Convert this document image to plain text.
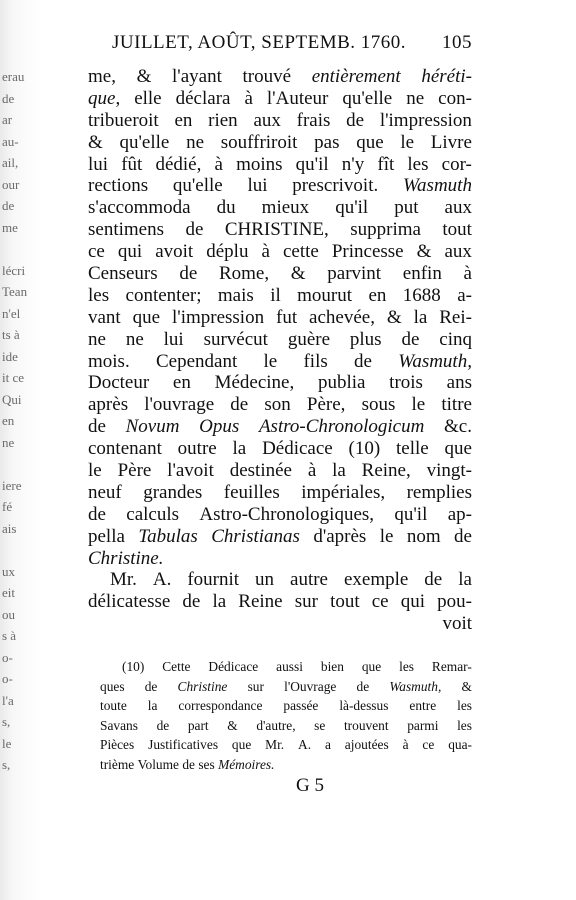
erau
de
ar
au-
ail,
our
de
me
lécri
Tean
n'el
ts à
ide
it ce
Qui
en
ne
iere
fé
ais
ux
eit
ou
s à
o-
o-
l'a
s,
le
s,
JUILLET, AOÛT, SEPTEMB. 1760. 105
me, & l'ayant trouvé entièrement héréti-
que, elle déclara à l'Auteur qu'elle ne con-
tribueroit en rien aux frais de l'impression
& qu'elle ne souffriroit pas que le Livre
lui fût dédié, à moins qu'il n'y fît les cor-
rections qu'elle lui prescrivoit. Wasmuth
s'accommoda du mieux qu'il put aux
sentimens de CHRISTINE, supprima tout
ce qui avoit déplu à cette Princesse & aux
Censeurs de Rome, & parvint enfin à
les contenter; mais il mourut en 1688 a-
vant que l'impression fut achevée, & la Rei-
ne ne lui survécut guère plus de cinq
mois. Cependant le fils de Wasmuth,
Docteur en Médecine, publia trois ans
après l'ouvrage de son Père, sous le titre
de Novum Opus Astro-Chronologicum &c.
contenant outre la Dédicace (10) telle que
le Père l'avoit destinée à la Reine, vingt-
neuf grandes feuilles impériales, remplies
de calculs Astro-Chronologiques, qu'il ap-
pella Tabulas Christianas d'après le nom de
Christine.
Mr.
A.
fournit
un
autre
exemple
de
la
délicatesse de la Reine sur tout ce qui pou-
voit
(10)
Cette
Dédicace
aussi
bien
que
les
Remar-
ques de Christine sur l'Ouvrage de Wasmuth, &
toute la correspondance passée là-dessus entre les
Savans de part & d'autre, se trouvent parmi les
Pièces Justificatives que Mr. A. a ajoutées à ce qua-
trième
Volume
de
ses
Mémoires.
G 5
